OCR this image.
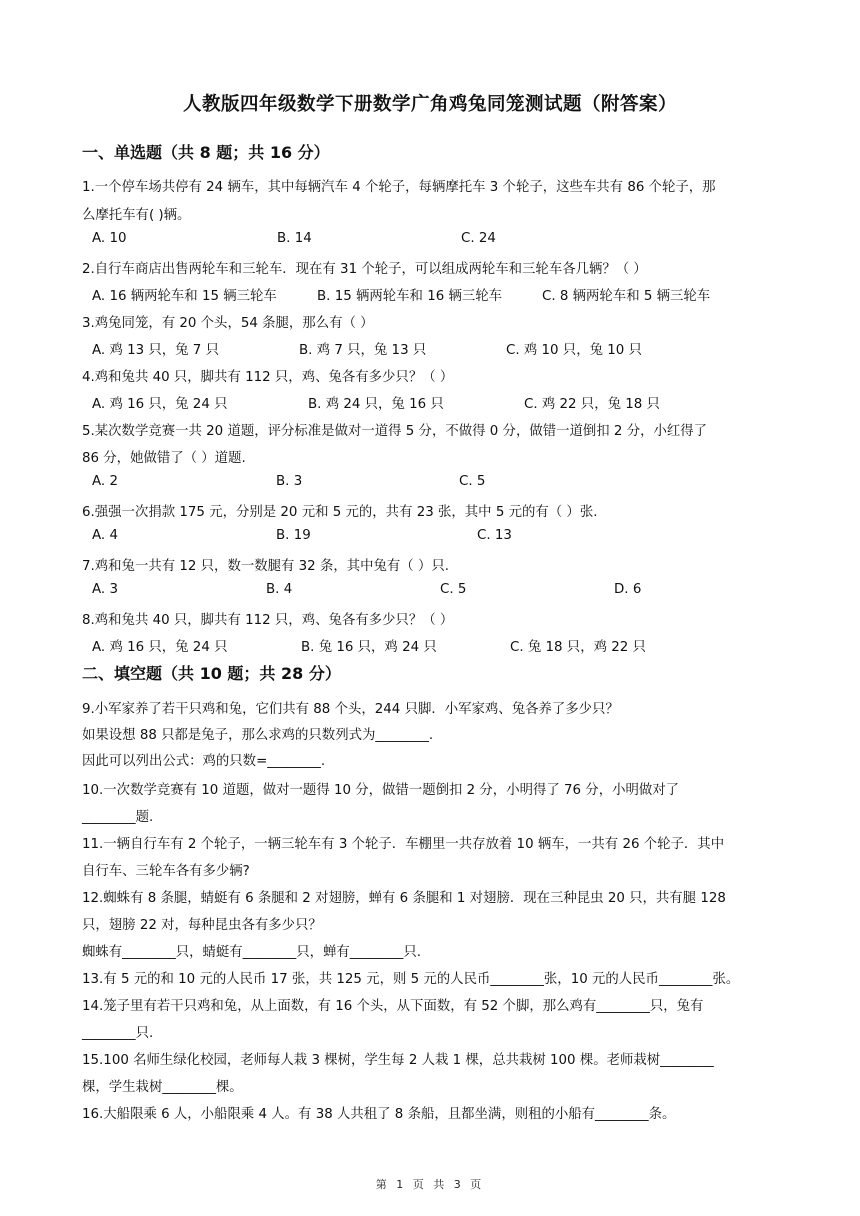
人教版四年级数学下册数学广角鸡兔同笼测试题（附答案）
一、单选题（共 8 题；共 16 分）
1.一个停车场共停有 24 辆车，其中每辆汽车 4 个轮子，每辆摩托车 3 个轮子，这些车共有 86 个轮子，那
么摩托车有( )辆。
A. 10	B. 14	C. 24
2.自行车商店出售两轮车和三轮车．现在有 31 个轮子，可以组成两轮车和三轮车各几辆？（ ）
A. 16 辆两轮车和 15 辆三轮车	B. 15 辆两轮车和 16 辆三轮车	C. 8 辆两轮车和 5 辆三轮车
3.鸡兔同笼，有 20 个头，54 条腿，那么有（ ）
A. 鸡 13 只，兔 7 只	B. 鸡 7 只，兔 13 只	C. 鸡 10 只，兔 10 只
4.鸡和兔共 40 只，脚共有 112 只，鸡、兔各有多少只？（ ）
A. 鸡 16 只，兔 24 只	B. 鸡 24 只，兔 16 只	C. 鸡 22 只，兔 18 只
5.某次数学竞赛一共 20 道题，评分标准是做对一道得 5 分，不做得 0 分，做错一道倒扣 2 分，小红得了
86 分，她做错了（ ）道题.
A. 2	B. 3	C. 5
6.强强一次捐款 175 元，分别是 20 元和 5 元的，共有 23 张，其中 5 元的有（ ）张.
A. 4	B. 19	C. 13
7.鸡和兔一共有 12 只，数一数腿有 32 条，其中兔有（ ）只.
A. 3	B. 4	C. 5	D. 6
8.鸡和兔共 40 只，脚共有 112 只，鸡、兔各有多少只？（ ）
A. 鸡 16 只，兔 24 只	B. 兔 16 只，鸡 24 只	C. 兔 18 只，鸡 22 只
二、填空题（共 10 题；共 28 分）
9.小军家养了若干只鸡和兔，它们共有 88 个头，244 只脚．小军家鸡、兔各养了多少只？
如果设想 88 只都是兔子，那么求鸡的只数列式为________.
因此可以列出公式：鸡的只数=________.
10.一次数学竞赛有 10 道题，做对一题得 10 分，做错一题倒扣 2 分，小明得了 76 分，小明做对了
________题.
11.一辆自行车有 2 个轮子，一辆三轮车有 3 个轮子．车棚里一共存放着 10 辆车，一共有 26 个轮子．其中
自行车、三轮车各有多少辆?
12.蜘蛛有 8 条腿，蜻蜓有 6 条腿和 2 对翅膀，蝉有 6 条腿和 1 对翅膀．现在三种昆虫 20 只，共有腿 128
只，翅膀 22 对，每种昆虫各有多少只？
蜘蛛有________只，蜻蜓有________只，蝉有________只.
13.有 5 元的和 10 元的人民币 17 张，共 125 元，则 5 元的人民币________张，10 元的人民币________张。
14.笼子里有若干只鸡和兔，从上面数，有 16 个头，从下面数，有 52 个脚，那么鸡有________只，兔有
________只.
15.100 名师生绿化校园，老师每人栽 3 棵树，学生每 2 人栽 1 棵，总共栽树 100 棵。老师栽树________
棵，学生栽树________棵。
16.大船限乘 6 人，小船限乘 4 人。有 38 人共租了 8 条船，且都坐满，则租的小船有________条。
第 1 页 共 3 页
